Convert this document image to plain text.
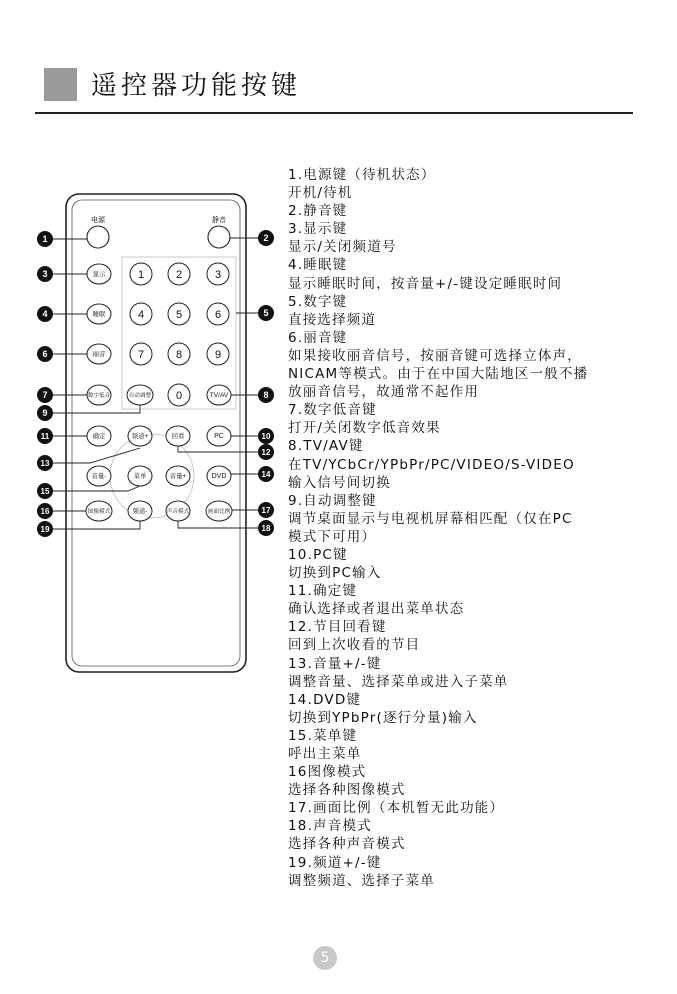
遥控器功能按键
电源	静音
显示
睡眠
丽音
数字低音	自动调整	TV/AV
确定	频道+	回看	PC
音量-	菜单	音量+	DVD
图像模式	频道-	声音模式	画面比例
1	2	3
4	5	6
7	8	9
0
1	2
3
4	5
6
7	8
9
10
11
12
13
14
15
16	17
18
19
1.电源键（待机状态）
开机/待机
2.静音键
3.显示键
显示/关闭频道号
4.睡眠键
显示睡眠时间，按音量+/-键设定睡眠时间
5.数字键
直接选择频道
6.丽音键
如果接收丽音信号，按丽音键可选择立体声，
NICAM等模式。由于在中国大陆地区一般不播
放丽音信号，故通常不起作用
7.数字低音键
打开/关闭数字低音效果
8.TV/AV键
在TV/YCbCr/YPbPr/PC/VIDEO/S-VIDEO
输入信号间切换
9.自动调整键
调节桌面显示与电视机屏幕相匹配（仅在PC
模式下可用）
10.PC键
切换到PC输入
11.确定键
确认选择或者退出菜单状态
12.节目回看键
回到上次收看的节目
13.音量+/-键
调整音量、选择菜单或进入子菜单
14.DVD键
切换到YPbPr(逐行分量)输入
15.菜单键
呼出主菜单
16图像模式
选择各种图像模式
17.画面比例（本机暂无此功能）
18.声音模式
选择各种声音模式
19.频道+/-键
调整频道、选择子菜单
5
